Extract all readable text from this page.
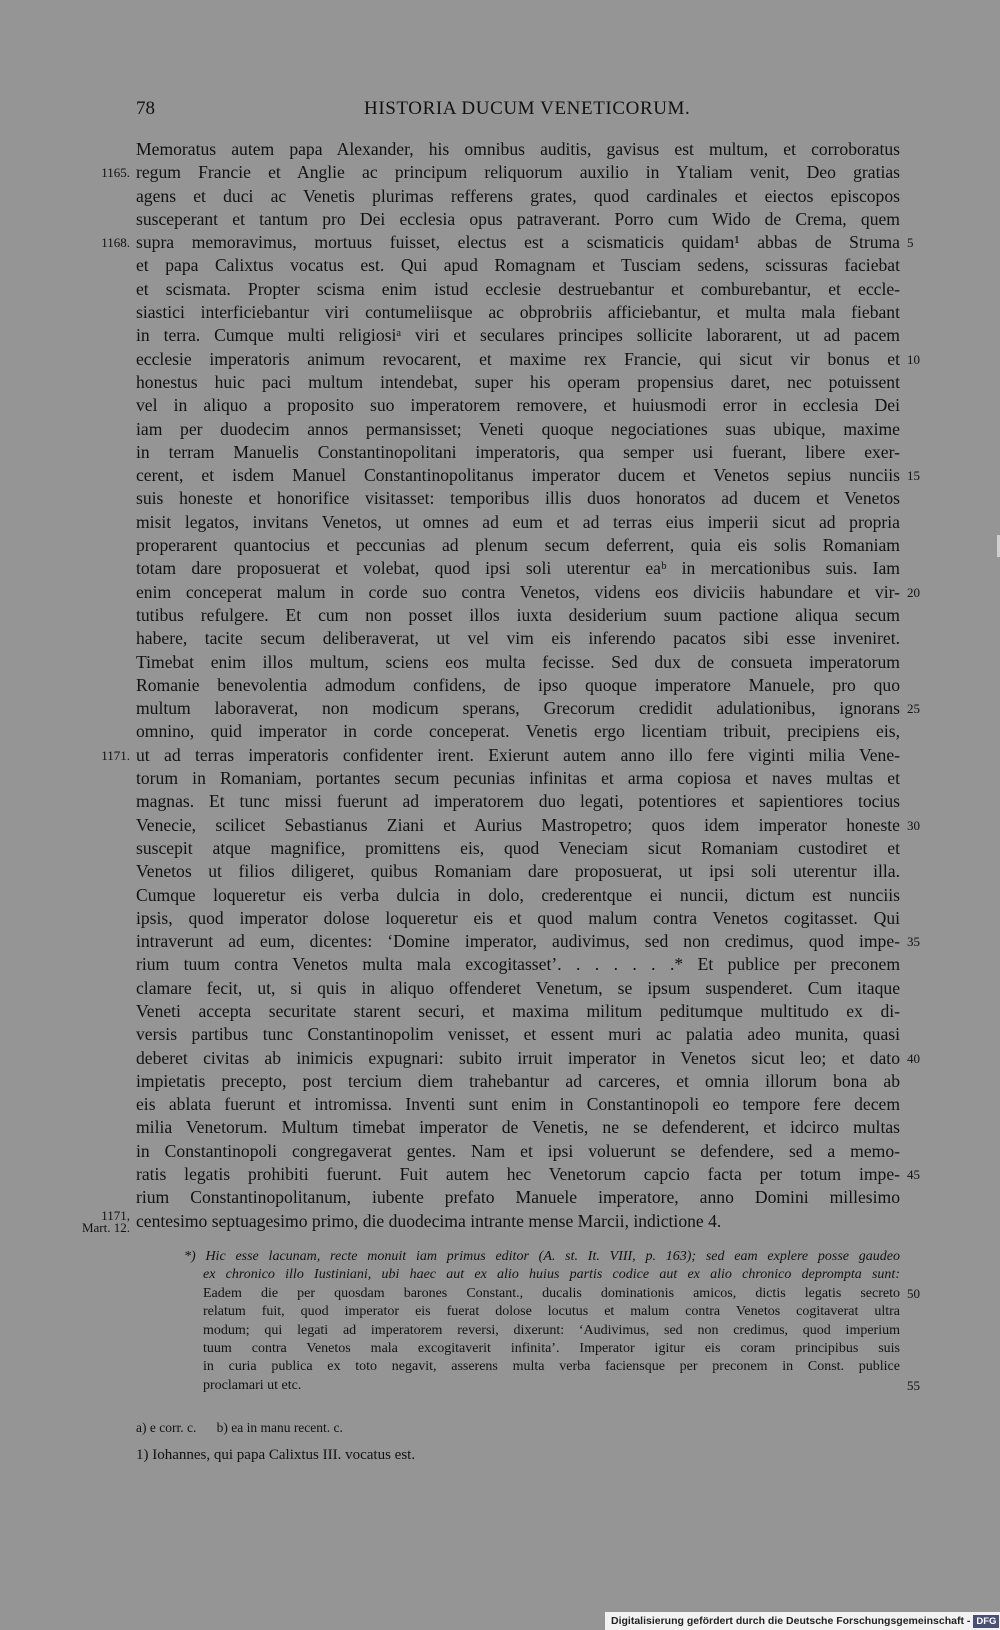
78	HISTORIA DUCUM VENETICORUM.
Memoratus autem papa Alexander, his omnibus auditis, gavisus est multum, et corroboratus
1165. regum Francie et Anglie ac principum reliquorum auxilio in Ytaliam venit, Deo gratias
agens et duci ac Venetis plurimas refferens grates, quod cardinales et eiectos episcopos
susceperant et tantum pro Dei ecclesia opus patraverant. Porro cum Wido de Crema, quem
1168. supra memoravimus, mortuus fuisset, electus est a scismaticis quidam¹ abbas de Struma 5
et papa Calixtus vocatus est. Qui apud Romagnam et Tusciam sedens, scissuras faciebat
et scismata. Propter scisma enim istud ecclesie destruebantur et comburebantur, et eccle-
siastici interficiebantur viri contumeliisque ac obprobriis afficiebantur, et multa mala fiebant
in terra. Cumque multi religiosiᵃ viri et seculares principes sollicite laborarent, ut ad pacem
ecclesie imperatoris animum revocarent, et maxime rex Francie, qui sicut vir bonus et 10
honestus huic paci multum intendebat, super his operam propensius daret, nec potuissent
vel in aliquo a proposito suo imperatorem removere, et huiusmodi error in ecclesia Dei
iam per duodecim annos permansisset; Veneti quoque negociationes suas ubique, maxime
in terram Manuelis Constantinopolitani imperatoris, qua semper usi fuerant, libere exer-
cerent, et isdem Manuel Constantinopolitanus imperator ducem et Venetos sepius nunciis 15
suis honeste et honorifice visitasset: temporibus illis duos honoratos ad ducem et Venetos
misit legatos, invitans Venetos, ut omnes ad eum et ad terras eius imperii sicut ad propria
properarent quantocius et peccunias ad plenum secum deferrent, quia eis solis Romaniam
totam dare proposuerat et volebat, quod ipsi soli uterentur eaᵇ in mercationibus suis. Iam
enim conceperat malum in corde suo contra Venetos, videns eos diviciis habundare et vir- 20
tutibus refulgere. Et cum non posset illos iuxta desiderium suum pactione aliqua secum
habere, tacite secum deliberaverat, ut vel vim eis inferendo pacatos sibi esse inveniret.
Timebat enim illos multum, sciens eos multa fecisse. Sed dux de consueta imperatorum
Romanie benevolentia admodum confidens, de ipso quoque imperatore Manuele, pro quo
multum laboraverat, non modicum sperans, Grecorum credidit adulationibus, ignorans 25
omnino, quid imperator in corde conceperat. Venetis ergo licentiam tribuit, precipiens eis,
1171. ut ad terras imperatoris confidenter irent. Exierunt autem anno illo fere viginti milia Vene-
torum in Romaniam, portantes secum pecunias infinitas et arma copiosa et naves multas et
magnas. Et tunc missi fuerunt ad imperatorem duo legati, potentiores et sapientiores tocius
Venecie, scilicet Sebastianus Ziani et Aurius Mastropetro; quos idem imperator honeste 30
suscepit atque magnifice, promittens eis, quod Veneciam sicut Romaniam custodiret et
Venetos ut filios diligeret, quibus Romaniam dare proposuerat, ut ipsi soli uterentur illa.
Cumque loqueretur eis verba dulcia in dolo, crederentque ei nuncii, dictum est nunciis
ipsis, quod imperator dolose loqueretur eis et quod malum contra Venetos cogitasset. Qui
intraverunt ad eum, dicentes: ‘Domine imperator, audivimus, sed non credimus, quod impe- 35
rium tuum contra Venetos multa mala excogitasset’. . . . . . .* Et publice per preconem
clamare fecit, ut, si quis in aliquo offenderet Venetum, se ipsum suspenderet. Cum itaque
Veneti accepta securitate starent securi, et maxima militum peditumque multitudo ex di-
versis partibus tunc Constantinopolim venisset, et essent muri ac palatia adeo munita, quasi
deberet civitas ab inimicis expugnari: subito irruit imperator in Venetos sicut leo; et dato 40
impietatis precepto, post tercium diem trahebantur ad carceres, et omnia illorum bona ab
eis ablata fuerunt et intromissa. Inventi sunt enim in Constantinopoli eo tempore fere decem
milia Venetorum. Multum timebat imperator de Venetis, ne se defenderent, et idcirco multas
in Constantinopoli congregaverat gentes. Nam et ipsi voluerunt se defendere, sed a memo-
ratis legatis prohibiti fuerunt. Fuit autem hec Venetorum capcio facta per totum impe- 45
rium Constantinopolitanum, iubente prefato Manuele imperatore, anno Domini millesimo
1171, Mart. 12. centesimo septuagesimo primo, die duodecima intrante mense Marcii, indictione 4.
*) Hic esse lacunam, recte monuit iam primus editor (A. st. It. VIII, p. 163); sed eam explere posse gaudeo
ex chronico illo Iustiniani, ubi haec aut ex alio huius partis codice aut ex alio chronico deprompta sunt:
Eadem die per quosdam barones Constant., ducalis dominationis amicos, dictis legatis secreto 50
relatum fuit, quod imperator eis fuerat dolose locutus et malum contra Venetos cogitaverat ultra
modum; qui legati ad imperatorem reversi, dixerunt: ‘Audivimus, sed non credimus, quod imperium
tuum contra Venetos mala excogitaverit infinita’. Imperator igitur eis coram principibus suis
in curia publica ex toto negavit, asserens multa verba faciensque per preconem in Const. publice
proclamari ut etc.	55
a) e corr. c. b) ea in manu recent. c.
1) Iohannes, qui papa Calixtus III. vocatus est.
Digitalisierung gefördert durch die Deutsche Forschungsgemeinschaft - DFG
